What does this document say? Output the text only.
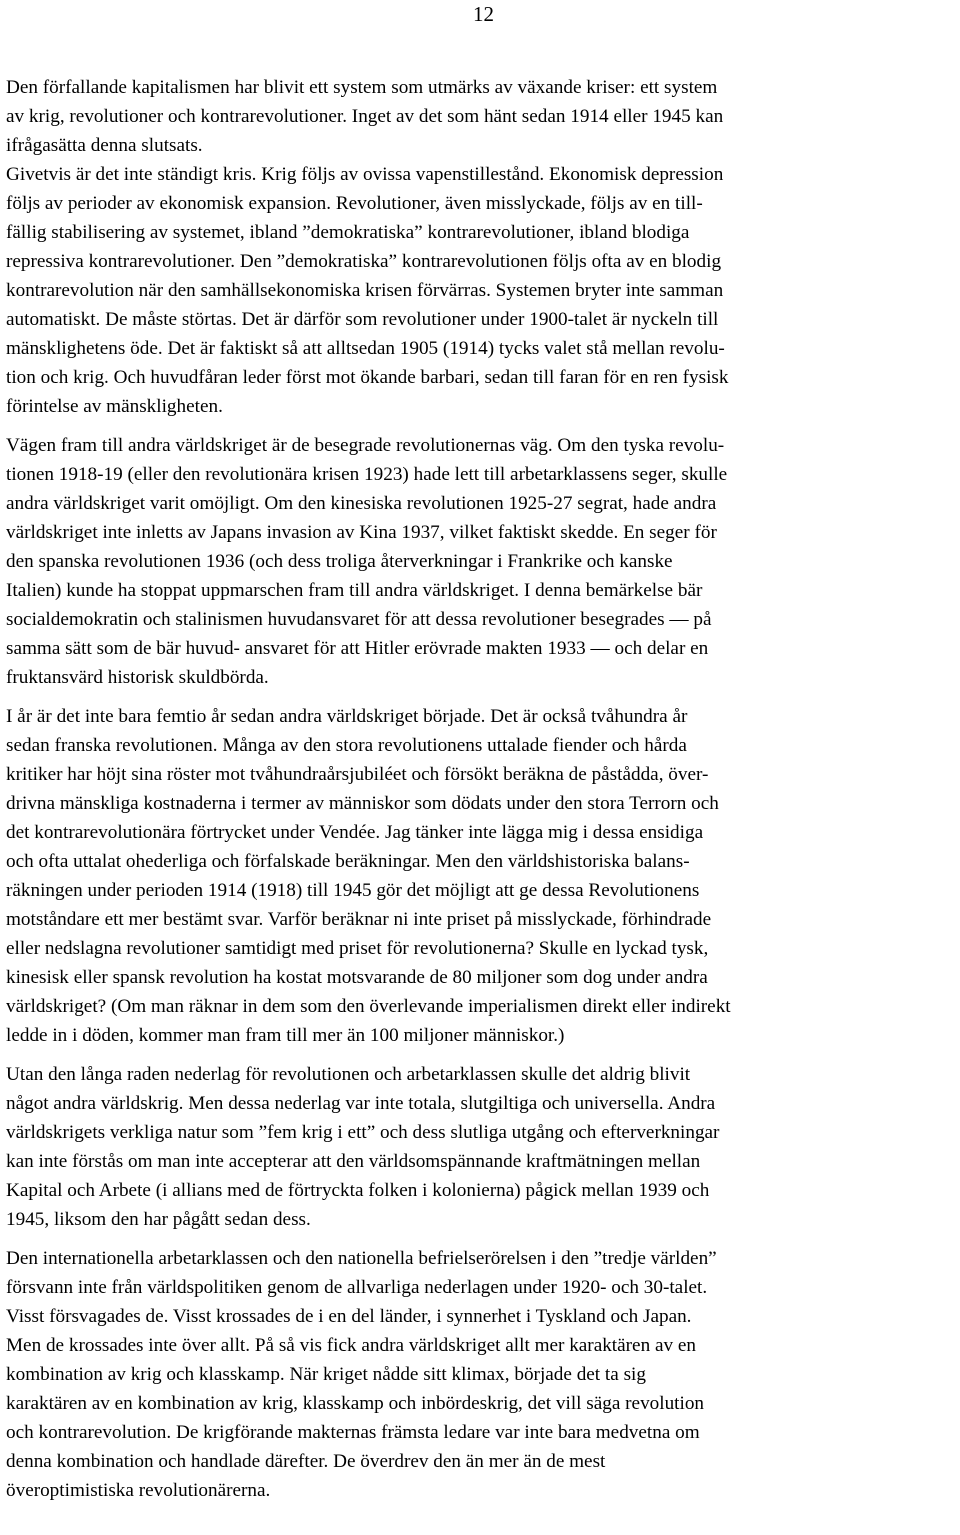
12
Den förfallande kapitalismen har blivit ett system som utmärks av växande kriser: ett system
av krig, revolutioner och kontrarevolutioner. Inget av det som hänt sedan 1914 eller 1945 kan
ifrågasätta denna slutsats.
Givetvis är det inte ständigt kris. Krig följs av ovissa vapenstillestånd. Ekonomisk depression
följs av perioder av ekonomisk expansion. Revolutioner, även misslyckade, följs av en till-
fällig stabilisering av systemet, ibland ”demokratiska” kontrarevolutioner, ibland blodiga
repressiva kontrarevolutioner. Den ”demokratiska” kontrarevolutionen följs ofta av en blodig
kontrarevolution när den samhällsekonomiska krisen förvärras. Systemen bryter inte samman
automatiskt. De måste störtas. Det är därför som revolutioner under 1900-talet är nyckeln till
mänsklighetens öde. Det är faktiskt så att alltsedan 1905 (1914) tycks valet stå mellan revolu-
tion och krig. Och huvudfåran leder först mot ökande barbari, sedan till faran för en ren fysisk
förintelse av mänskligheten.
Vägen fram till andra världskriget är de besegrade revolutionernas väg. Om den tyska revolu-
tionen 1918-19 (eller den revolutionära krisen 1923) hade lett till arbetarklassens seger, skulle
andra världskriget varit omöjligt. Om den kinesiska revolutionen 1925-27 segrat, hade andra
världskriget inte inletts av Japans invasion av Kina 1937, vilket faktiskt skedde. En seger för
den spanska revolutionen 1936 (och dess troliga återverkningar i Frankrike och kanske
Italien) kunde ha stoppat uppmarschen fram till andra världskriget. I denna bemärkelse bär
socialdemokratin och stalinismen huvudansvaret för att dessa revolutioner besegrades — på
samma sätt som de bär huvud- ansvaret för att Hitler erövrade makten 1933 — och delar en
fruktansvärd historisk skuldbörda.
I år är det inte bara femtio år sedan andra världskriget började. Det är också tvåhundra år
sedan franska revolutionen. Många av den stora revolutionens uttalade fiender och hårda
kritiker har höjt sina röster mot tvåhundraårsjubiléet och försökt beräkna de påstådda, över-
drivna mänskliga kostnaderna i termer av människor som dödats under den stora Terrorn och
det kontrarevolutionära förtrycket under Vendée. Jag tänker inte lägga mig i dessa ensidiga
och ofta uttalat ohederliga och förfalskade beräkningar. Men den världshistoriska balans-
räkningen under perioden 1914 (1918) till 1945 gör det möjligt att ge dessa Revolutionens
motståndare ett mer bestämt svar. Varför beräknar ni inte priset på misslyckade, förhindrade
eller nedslagna revolutioner samtidigt med priset för revolutionerna? Skulle en lyckad tysk,
kinesisk eller spansk revolution ha kostat motsvarande de 80 miljoner som dog under andra
världskriget? (Om man räknar in dem som den överlevande imperialismen direkt eller indirekt
ledde in i döden, kommer man fram till mer än 100 miljoner människor.)
Utan den långa raden nederlag för revolutionen och arbetarklassen skulle det aldrig blivit
något andra världskrig. Men dessa nederlag var inte totala, slutgiltiga och universella. Andra
världskrigets verkliga natur som ”fem krig i ett” och dess slutliga utgång och efterverkningar
kan inte förstås om man inte accepterar att den världsomspännande kraftmätningen mellan
Kapital och Arbete (i allians med de förtryckta folken i kolonierna) pågick mellan 1939 och
1945, liksom den har pågått sedan dess.
Den internationella arbetarklassen och den nationella befrielserörelsen i den ”tredje världen”
försvann inte från världspolitiken genom de allvarliga nederlagen under 1920- och 30-talet.
Visst försvagades de. Visst krossades de i en del länder, i synnerhet i Tyskland och Japan.
Men de krossades inte över allt. På så vis fick andra världskriget allt mer karaktären av en
kombination av krig och klasskamp. När kriget nådde sitt klimax, började det ta sig
karaktären av en kombination av krig, klasskamp och inbördeskrig, det vill säga revolution
och kontrarevolution. De krigförande makternas främsta ledare var inte bara medvetna om
denna kombination och handlade därefter. De överdrev den än mer än de mest
överoptimistiska revolutionärerna.
